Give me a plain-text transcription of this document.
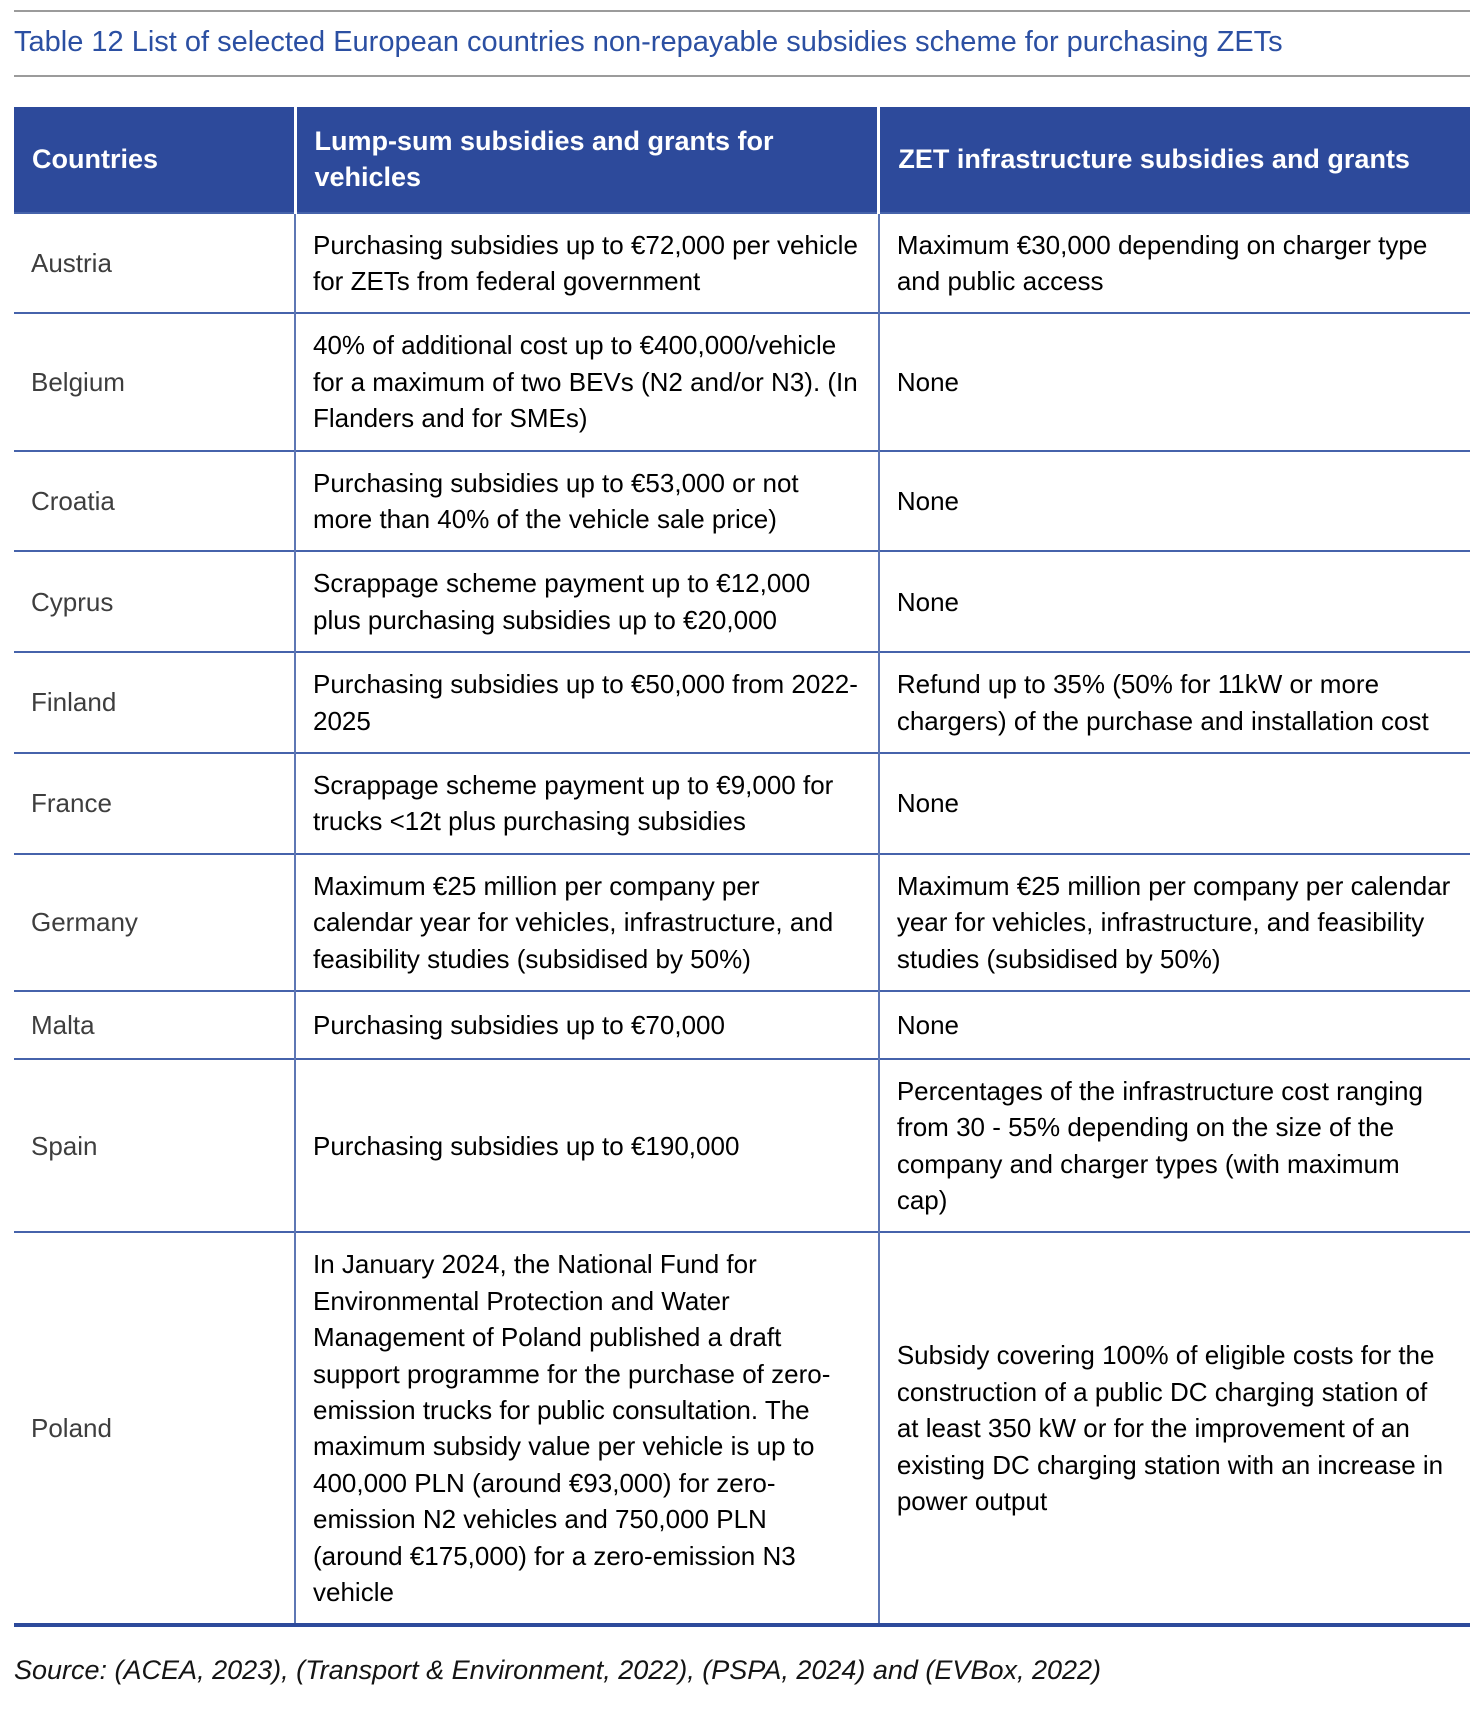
Table 12 List of selected European countries non-repayable subsidies scheme for purchasing ZETs
Countries	Lump-sum subsidies and grants for vehicles	ZET infrastructure subsidies and grants
Austria	Purchasing subsidies up to €72,000 per vehicle for ZETs from federal government	Maximum €30,000 depending on charger type and public access
Belgium	40% of additional cost up to €400,000/vehicle for a maximum of two BEVs (N2 and/or N3). (In Flanders and for SMEs)	None
Croatia	Purchasing subsidies up to €53,000 or not more than 40% of the vehicle sale price)	None
Cyprus	Scrappage scheme payment up to €12,000 plus purchasing subsidies up to €20,000	None
Finland	Purchasing subsidies up to €50,000 from 2022-2025	Refund up to 35% (50% for 11kW or more chargers) of the purchase and installation cost
France	Scrappage scheme payment up to €9,000 for trucks <12t plus purchasing subsidies	None
Germany	Maximum €25 million per company per calendar year for vehicles, infrastructure, and feasibility studies (subsidised by 50%)	Maximum €25 million per company per calendar year for vehicles, infrastructure, and feasibility studies (subsidised by 50%)
Malta	Purchasing subsidies up to €70,000	None
Spain	Purchasing subsidies up to €190,000	Percentages of the infrastructure cost ranging from 30 - 55% depending on the size of the company and charger types (with maximum cap)
Poland	In January 2024, the National Fund for Environmental Protection and Water Management of Poland published a draft support programme for the purchase of zero-emission trucks for public consultation. The maximum subsidy value per vehicle is up to 400,000 PLN (around €93,000) for zero-emission N2 vehicles and 750,000 PLN (around €175,000) for a zero-emission N3 vehicle	Subsidy covering 100% of eligible costs for the construction of a public DC charging station of at least 350 kW or for the improvement of an existing DC charging station with an increase in power output

Source: (ACEA, 2023), (Transport & Environment, 2022), (PSPA, 2024) and (EVBox, 2022)
